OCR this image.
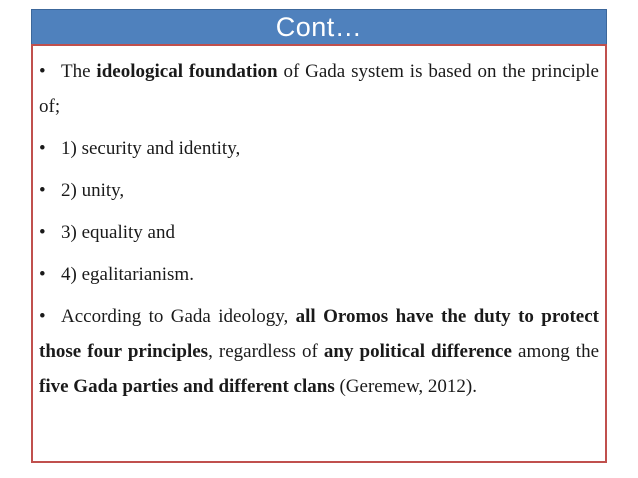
Cont…

• The ideological foundation of Gada system is based on the principle of;

• 1) security and identity,

• 2) unity,

• 3) equality and

• 4) egalitarianism.

• According to Gada ideology, all Oromos have the duty to protect those four principles, regardless of any political difference among the five Gada parties and different clans (Geremew, 2012).
